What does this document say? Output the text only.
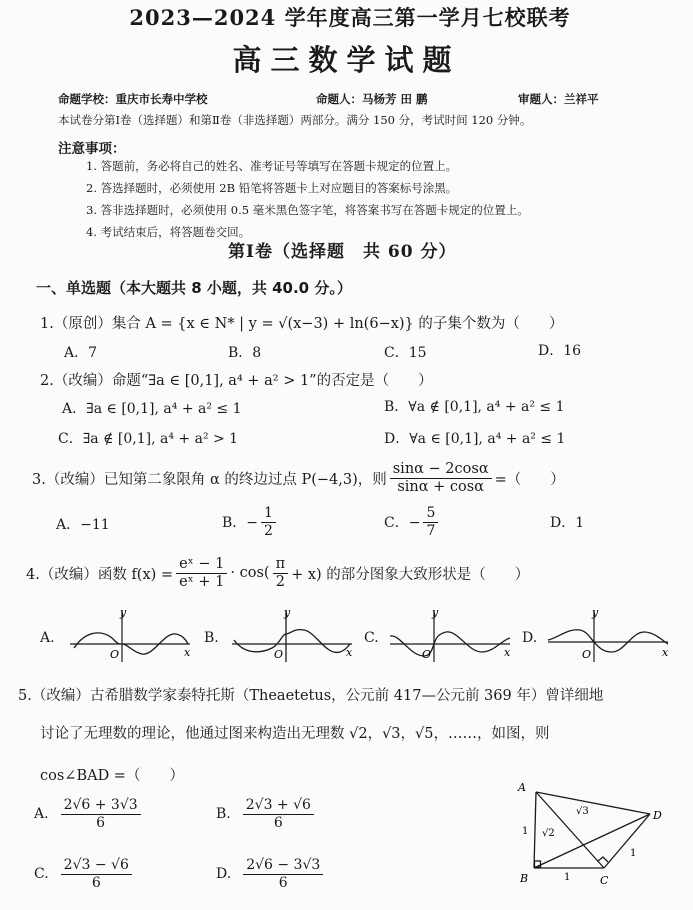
2023—2024 学年度高三第一学月七校联考
高三数学试题
命题学校：重庆市长寿中学校	命题人：马杨芳 田 鹏	审题人：兰祥平
本试卷分第Ⅰ卷（选择题）和第Ⅱ卷（非选择题）两部分。满分 150 分，考试时间 120 分钟。
注意事项：
1. 答题前，务必将自己的姓名、准考证号等填写在答题卡规定的位置上。
2. 答选择题时，必须使用 2B 铅笔将答题卡上对应题目的答案标号涂黑。
3. 答非选择题时，必须使用 0.5 毫米黑色签字笔，将答案书写在答题卡规定的位置上。
4. 考试结束后，将答题卷交回。
第Ⅰ卷（选择题　共 60 分）
一、单选题（本大题共 8 小题，共 40.0 分。）
1.（原创）集合 A = {x ∈ N* | y = √(x−3) + ln(6−x)} 的子集个数为（　　）
A．7	B．8	C．15	D．16
2.（改编）命题“∃a ∈ [0,1], a⁴ + a² > 1”的否定是（　　）
A．∃a ∈ [0,1], a⁴ + a² ≤ 1	B．∀a ∉ [0,1], a⁴ + a² ≤ 1
C．∃a ∉ [0,1], a⁴ + a² > 1	D．∀a ∈ [0,1], a⁴ + a² ≤ 1
3.（改编）已知第二象限角 α 的终边过点 P(−4,3)，则 $\frac{\sin\alpha - 2\cos\alpha}{\sin\alpha + \cos\alpha}$ =（　　）
A．−11	B．− $\frac{1}{2}$	C．− $\frac{5}{7}$	D．1
4.（改编）函数 $f(x) = \frac{\text{eˣ − 1}}{\text{eˣ + 1}} \cdot \cos( \frac{\pi}{2} + x)$ 的部分图象大致形状是（　　）
A.
y
x
O
B.
y
x
O
C.
y
x
O
D.
y
x
O
5.（改编）古希腊数学家泰特托斯（Theaetetus，公元前 417—公元前 369 年）曾详细地
讨论了无理数的理论，他通过图来构造出无理数 √2，√3，√5，……，如图，则
cos∠BAD =（　　）
A. $\frac{2√6 + 3√3}{6}$	B. $\frac{2√3 + √6}{6}$
C. $\frac{2√3 - √6}{6}$	D. $\frac{2√6 - 3√3}{6}$
A
B	C
D
1
1
1
√2
√3
